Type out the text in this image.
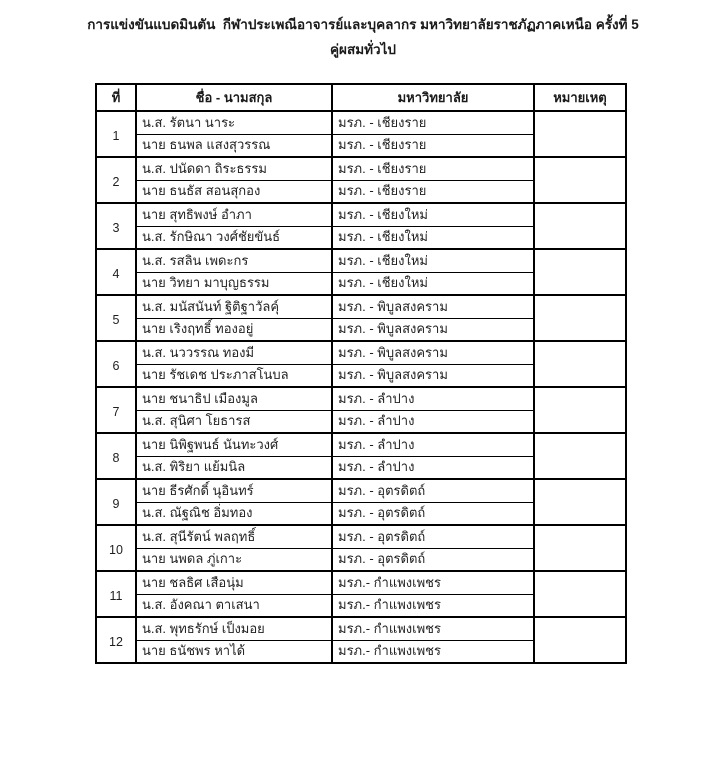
การแข่งขันแบดมินตัน  กีฬาประเพณีอาจารย์และบุคลากร มหาวิทยาลัยราชภัฏภาคเหนือ ครั้งที่ 5
คู่ผสมทั่วไป
ที่	ชื่อ - นามสกุล	มหาวิทยาลัย	หมายเหตุ
1	น.ส. รัตนา นาระ	มรภ. - เชียงราย	
	นาย ธนพล แสงสุวรรณ	มรภ. - เชียงราย	
2	น.ส. ปนัดดา ถิระธรรม	มรภ. - เชียงราย	
	นาย ธนธัส สอนสุกอง	มรภ. - เชียงราย	
3	นาย สุทธิพงษ์ อำภา	มรภ. - เชียงใหม่	
	น.ส. รักษิณา วงศ์ชัยขันธ์	มรภ. - เชียงใหม่	
4	น.ส. รสลิน เพดะกร	มรภ. - เชียงใหม่	
	นาย วิทยา มาบุญธรรม	มรภ. - เชียงใหม่	
5	น.ส. มนัสนันท์ ฐิติฐาวัลคุ์	มรภ. - พิบูลสงคราม	
	นาย เริงฤทธิ์ ทองอยู่	มรภ. - พิบูลสงคราม	
6	น.ส. นววรรณ ทองมี	มรภ. - พิบูลสงคราม	
	นาย รัชเดช ประภาสโนบล	มรภ. - พิบูลสงคราม	
7	นาย ชนาธิป เมืองมูล	มรภ. - ลำปาง	
	น.ส. สุนิศา โยธารส	มรภ. - ลำปาง	
8	นาย นิพิฐพนธ์ นันทะวงศ์	มรภ. - ลำปาง	
	น.ส. พิริยา แย้มนิล	มรภ. - ลำปาง	
9	นาย ธีรศักดิ์ นุอินทร์	มรภ. - อุตรดิตถ์	
	น.ส. ณัฐณิช อิ่มทอง	มรภ. - อุตรดิตถ์	
10	น.ส. สุนีรัตน์ พลฤทธิ์	มรภ. - อุตรดิตถ์	
	นาย นพดล ภู่เกาะ	มรภ. - อุตรดิตถ์	
11	นาย ชลธิศ เสือนุ่ม	มรภ.- กำแพงเพชร	
	น.ส. อังคณา ตาเสนา	มรภ.- กำแพงเพชร	
12	น.ส. พุทธรักษ์ เป็งมอย	มรภ.- กำแพงเพชร	
	นาย ธนัชพร หาได้	มรภ.- กำแพงเพชร	
